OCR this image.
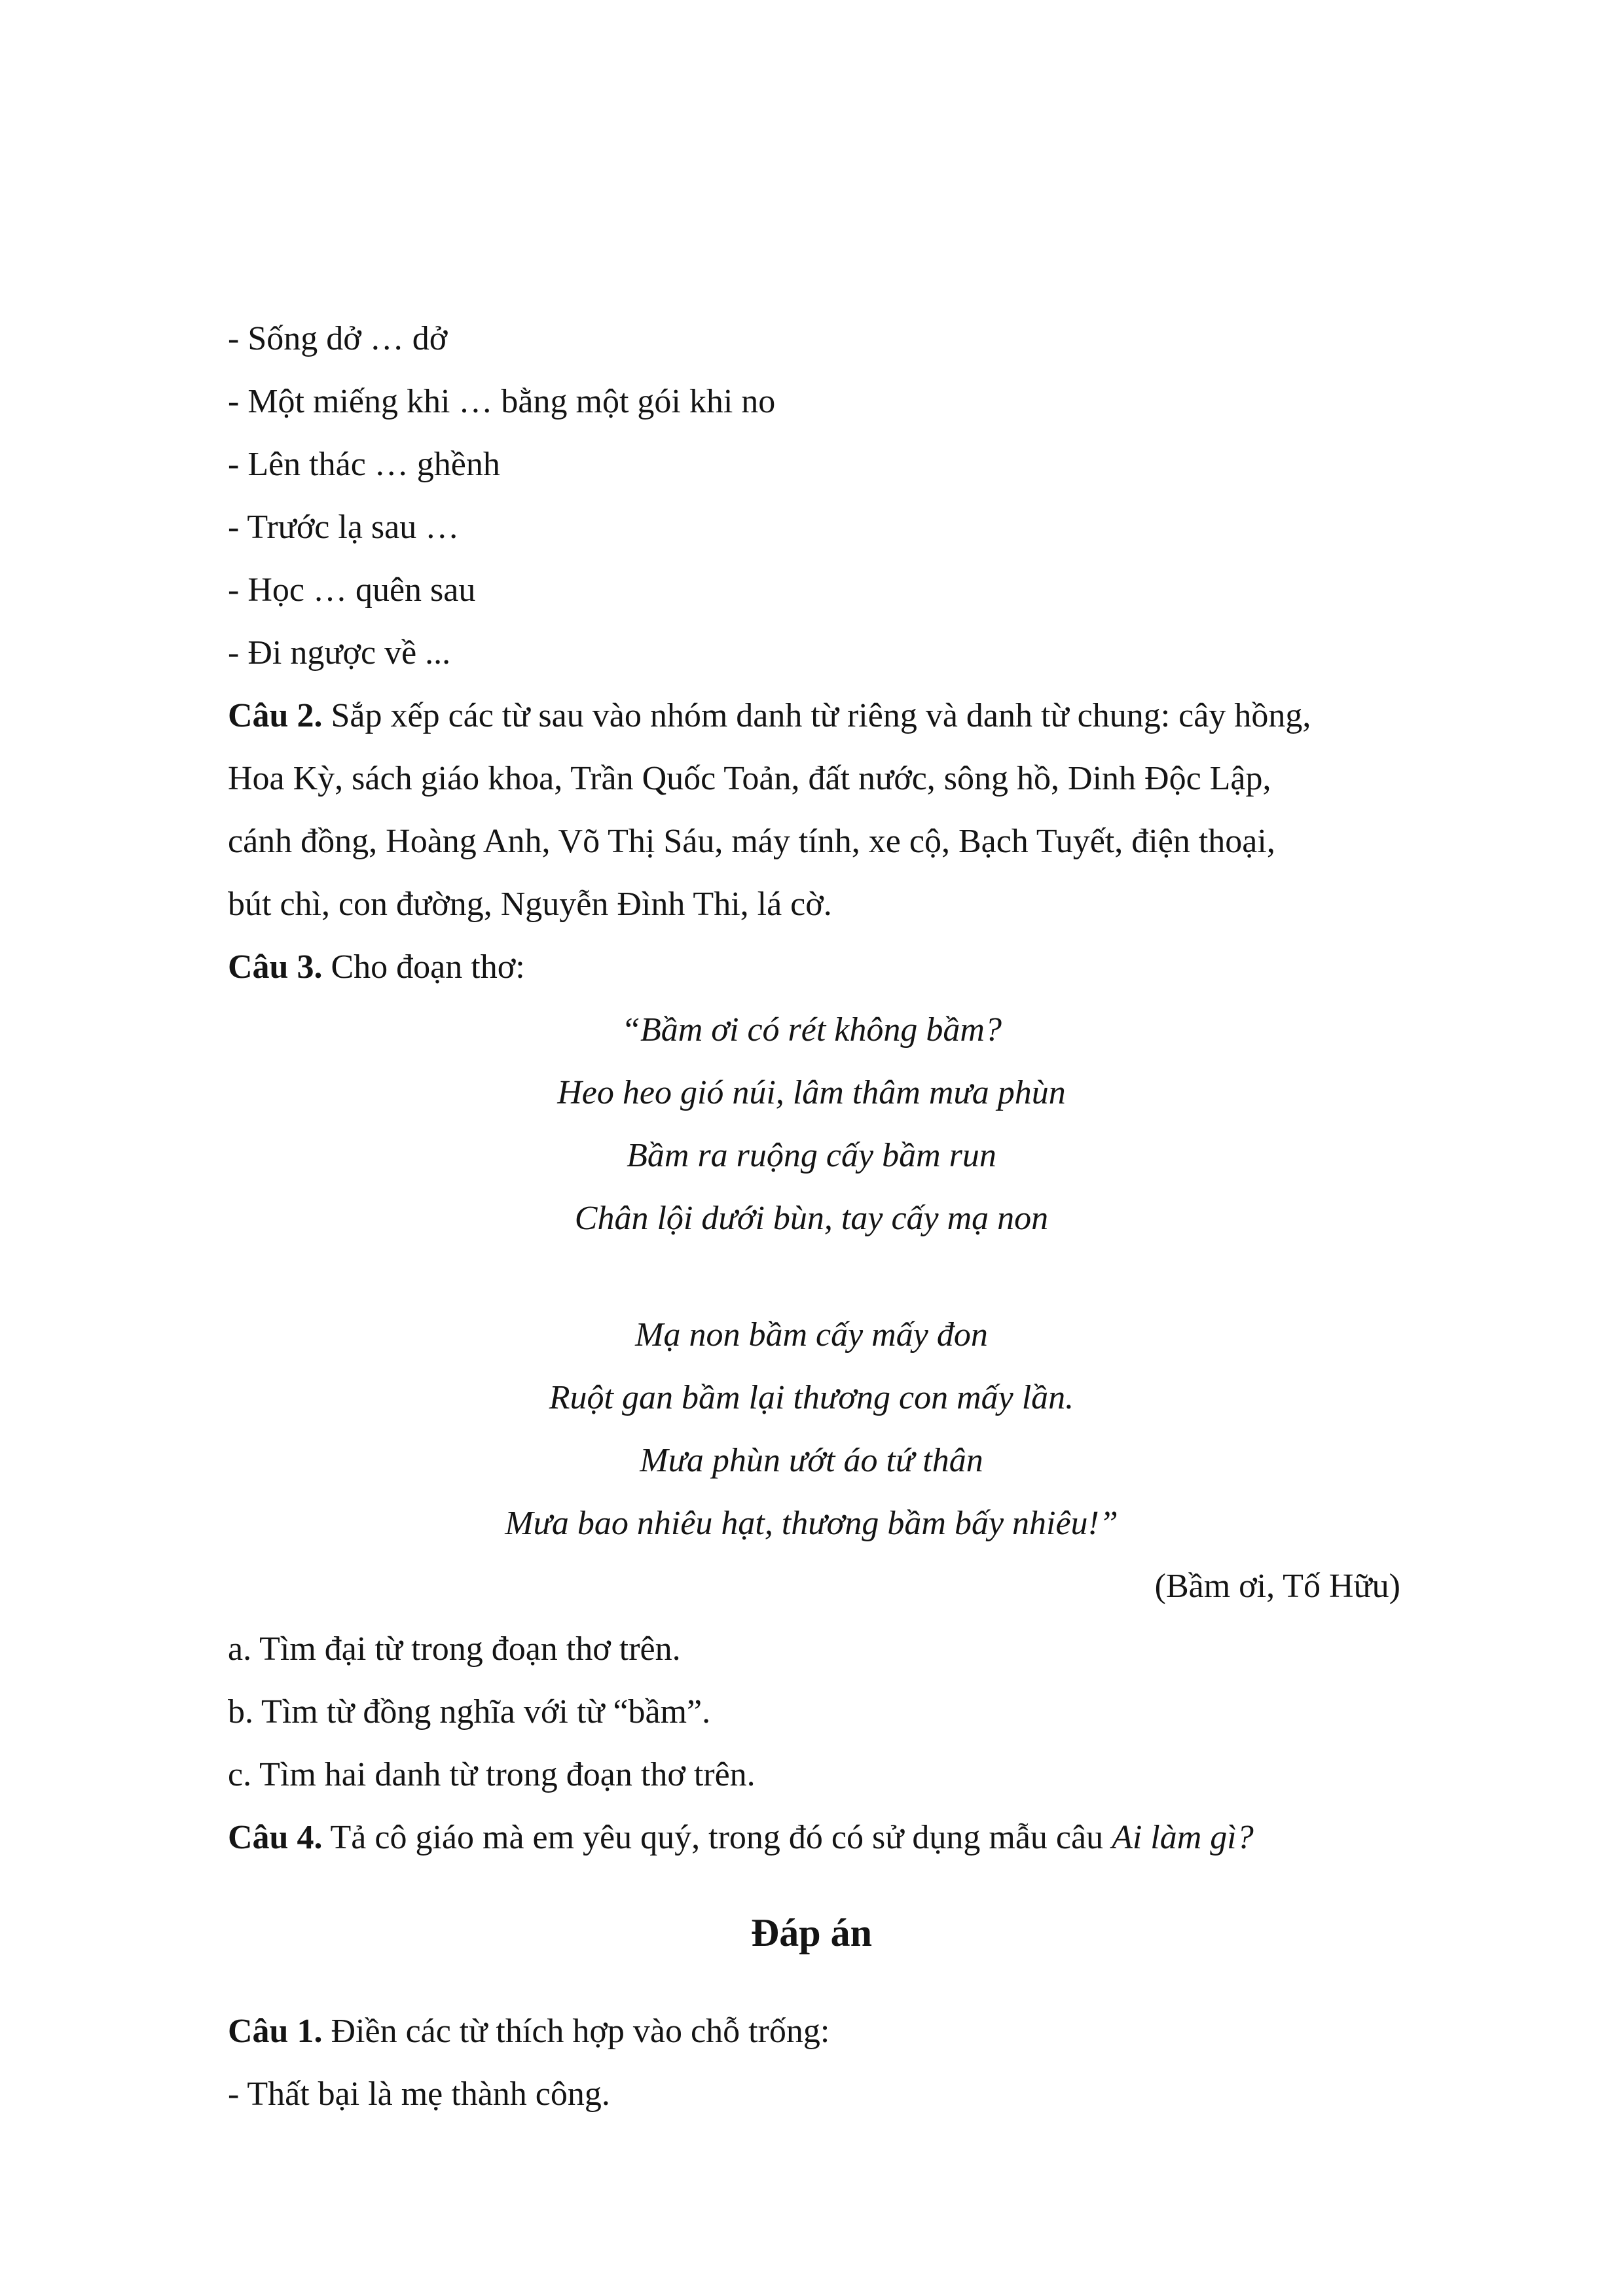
- Sống dở … dở
- Một miếng khi … bằng một gói khi no
- Lên thác … ghềnh
- Trước lạ sau …
- Học … quên sau
- Đi ngược về ...
Câu 2. Sắp xếp các từ sau vào nhóm danh từ riêng và danh từ chung: cây hồng,
Hoa Kỳ, sách giáo khoa, Trần Quốc Toản, đất nước, sông hồ, Dinh Độc Lập,
cánh đồng, Hoàng Anh, Võ Thị Sáu, máy tính, xe cộ, Bạch Tuyết, điện thoại,
bút chì, con đường, Nguyễn Đình Thi, lá cờ.
Câu 3. Cho đoạn thơ:
“Bầm ơi có rét không bầm?
Heo heo gió núi, lâm thâm mưa phùn
Bầm ra ruộng cấy bầm run
Chân lội dưới bùn, tay cấy mạ non
Mạ non bầm cấy mấy đon
Ruột gan bầm lại thương con mấy lần.
Mưa phùn ướt áo tứ thân
Mưa bao nhiêu hạt, thương bầm bấy nhiêu!”
(Bầm ơi, Tố Hữu)
a. Tìm đại từ trong đoạn thơ trên.
b. Tìm từ đồng nghĩa với từ “bầm”.
c. Tìm hai danh từ trong đoạn thơ trên.
Câu 4. Tả cô giáo mà em yêu quý, trong đó có sử dụng mẫu câu Ai làm gì?
Đáp án
Câu 1. Điền các từ thích hợp vào chỗ trống:
- Thất bại là mẹ thành công.
